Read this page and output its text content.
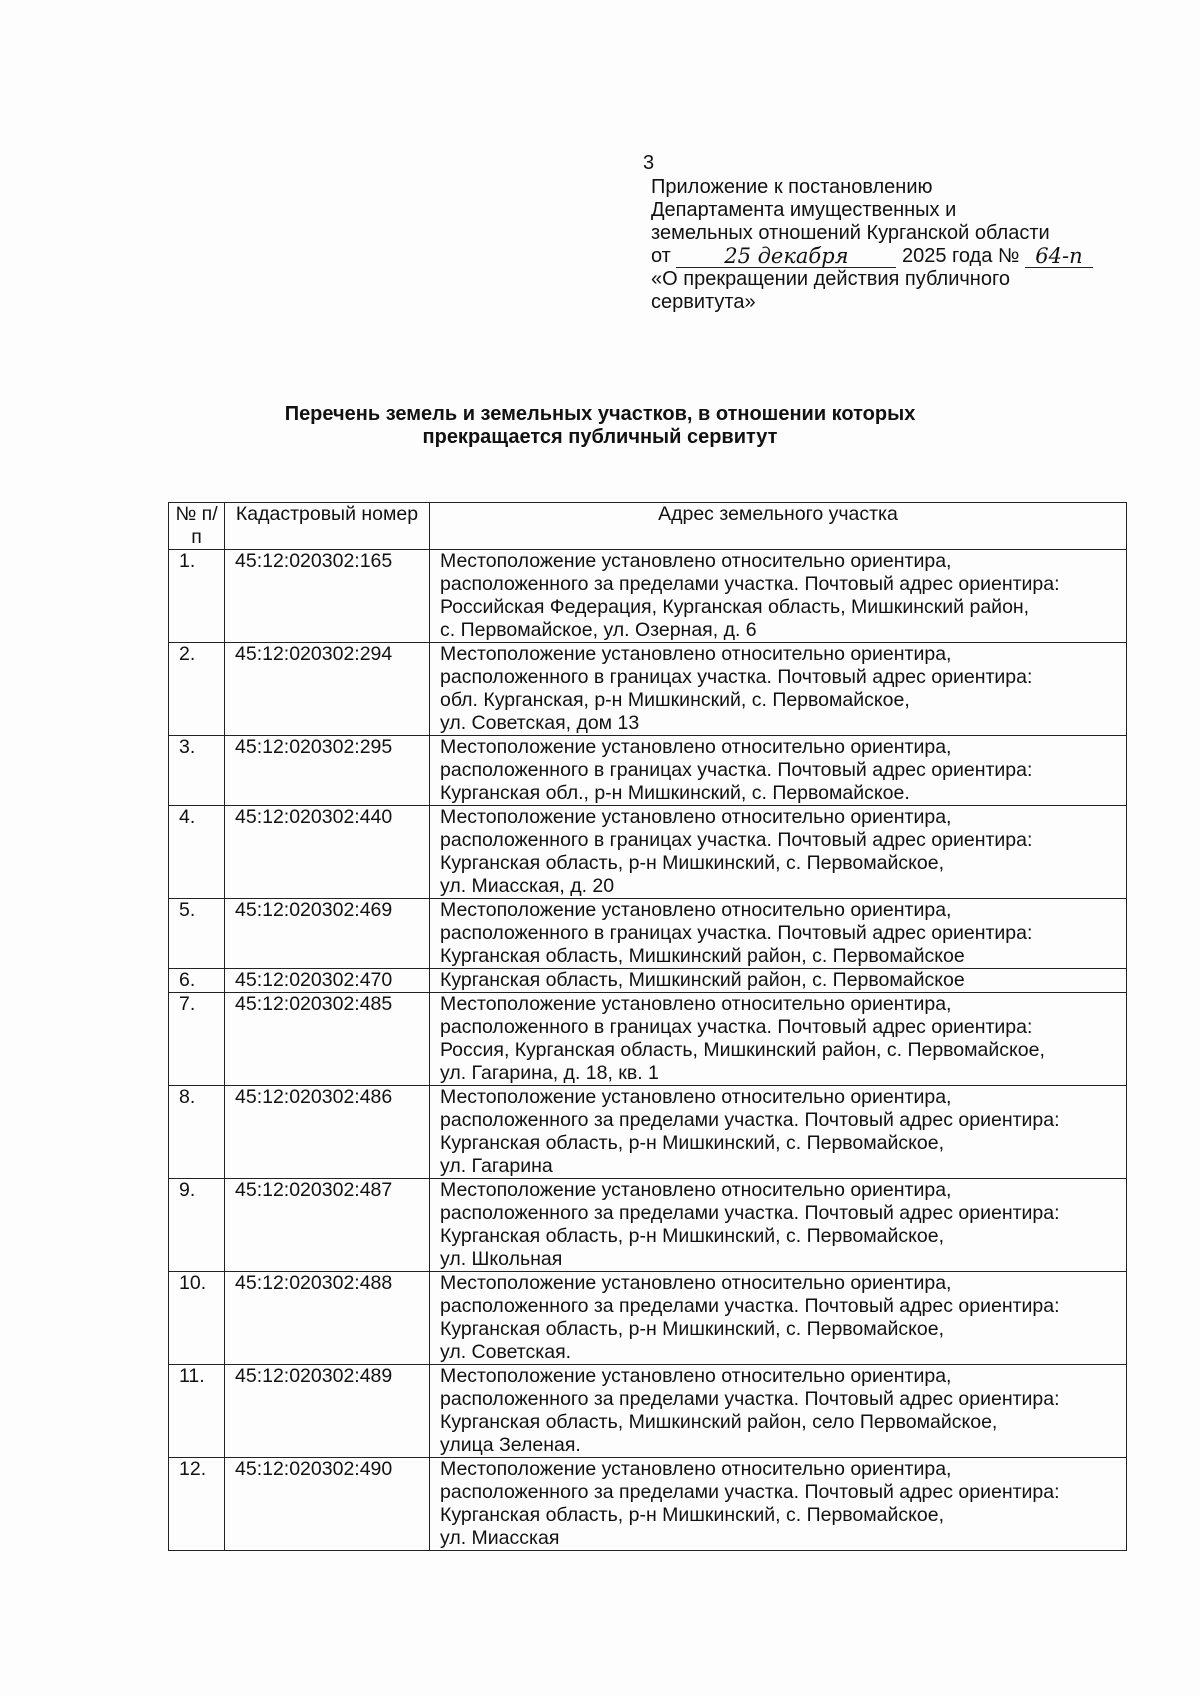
3
Приложение к постановлению
Департамента имущественных и
земельных отношений Курганской области
от	25 декабря	2025 года № 64-п
«О прекращении действия публичного
сервитута»
Перечень земель и земельных участков, в отношении которых
прекращается публичный сервитут
№ п/п	Кадастровый номер	Адрес земельного участка
1.	45:12:020302:165	Местоположение установлено относительно ориентира,
расположенного за пределами участка. Почтовый адрес ориентира:
Российская Федерация, Курганская область, Мишкинский район,
с. Первомайское, ул. Озерная, д. 6

2.	45:12:020302:294	Местоположение установлено относительно ориентира,
расположенного в границах участка. Почтовый адрес ориентира:
обл. Курганская, р-н Мишкинский, с. Первомайское,
ул. Советская, дом 13

3.	45:12:020302:295	Местоположение установлено относительно ориентира,
расположенного в границах участка. Почтовый адрес ориентира:
Курганская обл., р-н Мишкинский, с. Первомайское.

4.	45:12:020302:440	Местоположение установлено относительно ориентира,
расположенного в границах участка. Почтовый адрес ориентира:
Курганская область, р-н Мишкинский, с. Первомайское,
ул. Миасская, д. 20

5.	45:12:020302:469	Местоположение установлено относительно ориентира,
расположенного в границах участка. Почтовый адрес ориентира:
Курганская область, Мишкинский район, с. Первомайское

6.	45:12:020302:470	Курганская область, Мишкинский район, с. Первомайское

7.	45:12:020302:485	Местоположение установлено относительно ориентира,
расположенного в границах участка. Почтовый адрес ориентира:
Россия, Курганская область, Мишкинский район, с. Первомайское,
ул. Гагарина, д. 18, кв. 1

8.	45:12:020302:486	Местоположение установлено относительно ориентира,
расположенного за пределами участка. Почтовый адрес ориентира:
Курганская область, р-н Мишкинский, с. Первомайское,
ул. Гагарина

9.	45:12:020302:487	Местоположение установлено относительно ориентира,
расположенного за пределами участка. Почтовый адрес ориентира:
Курганская область, р-н Мишкинский, с. Первомайское,
ул. Школьная

10.	45:12:020302:488	Местоположение установлено относительно ориентира,
расположенного за пределами участка. Почтовый адрес ориентира:
Курганская область, р-н Мишкинский, с. Первомайское,
ул. Советская.

11.	45:12:020302:489	Местоположение установлено относительно ориентира,
расположенного за пределами участка. Почтовый адрес ориентира:
Курганская область, Мишкинский район, село Первомайское,
улица Зеленая.

12.	45:12:020302:490	Местоположение установлено относительно ориентира,
расположенного за пределами участка. Почтовый адрес ориентира:
Курганская область, р-н Мишкинский, с. Первомайское,
ул. Миасская
